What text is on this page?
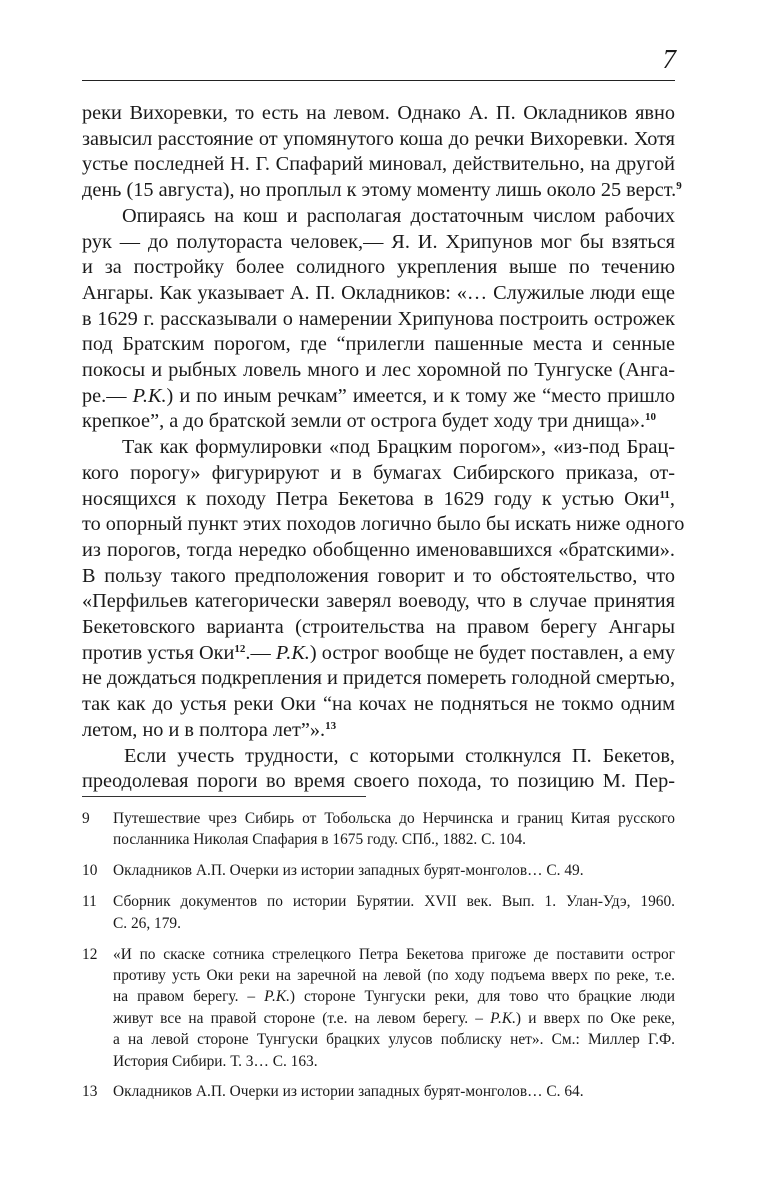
7
реки Вихоревки, то есть на левом. Однако А. П. Окладников явно
завысил расстояние от упомянутого коша до речки Вихоревки. Хотя
устье последней Н. Г. Спафарий миновал, действительно, на другой
день (15 августа), но проплыл к этому моменту лишь около 25 верст.$^9$
Опираясь на кош и располагая достаточным числом рабочих
рук — до полутораста человек,— Я. И. Хрипунов мог бы взяться
и за постройку более солидного укрепления выше по течению
Ангары. Как указывает А. П. Окладников: «… Служилые люди еще
в 1629 г. рассказывали о намерении Хрипунова построить острожек
под Братским порогом, где “прилегли пашенные места и сенные
покосы и рыбных ловель много и лес хоромной по Тунгуске (Анга-
ре.— Р.К.) и по иным речкам” имеется, и к тому же “место пришло
крепкое”, а до братской земли от острога будет ходу три днища».$^{10}$
Так как формулировки «под Брацким порогом», «из-под Брац-
кого порогу» фигурируют и в бумагах Сибирского приказа, от-
носящихся к походу Петра Бекетова в 1629 году к устью Оки$^{11}$,
то опорный пункт этих походов логично было бы искать ниже одного
из порогов, тогда нередко обобщенно именовавшихся «братскими».
В пользу такого предположения говорит и то обстоятельство, что
«Перфильев категорически заверял воеводу, что в случае принятия
Бекетовского варианта (строительства на правом берегу Ангары
против устья Оки$^{12}$.— Р.К.) острог вообще не будет поставлен, а ему
не дождаться подкрепления и придется помереть голодной смертью,
так как до устья реки Оки “на кочах не подняться не токмо одним
летом, но и в полтора лет”».$^{13}$
Если учесть трудности, с которыми столкнулся П. Бекетов,
преодолевая пороги во время своего похода, то позицию М. Пер-
9	Путешествие чрез Сибирь от Тобольска до Нерчинска и границ Китая русского
посланника Николая Спафария в 1675 году. СПб., 1882. С. 104.
10	Окладников А.П. Очерки из истории западных бурят-монголов… С. 49.
11	Сборник документов по истории Бурятии. XVII век. Вып. 1. Улан-Удэ, 1960.
С. 26, 179.
12	«И по скаске сотника стрелецкого Петра Бекетова пригоже де поставити острог
противу усть Оки реки на заречной на левой (по ходу подъема вверх по реке, т.е.
на правом берегу. – Р.К.) стороне Тунгуски реки, для тово что брацкие люди
живут все на правой стороне (т.е. на левом берегу. – Р.К.) и вверх по Оке реке,
а на левой стороне Тунгуски брацких улусов поблиску нет». См.: Миллер Г.Ф.
История Сибири. Т. 3… С. 163.
13	Окладников А.П. Очерки из истории западных бурят-монголов… С. 64.
